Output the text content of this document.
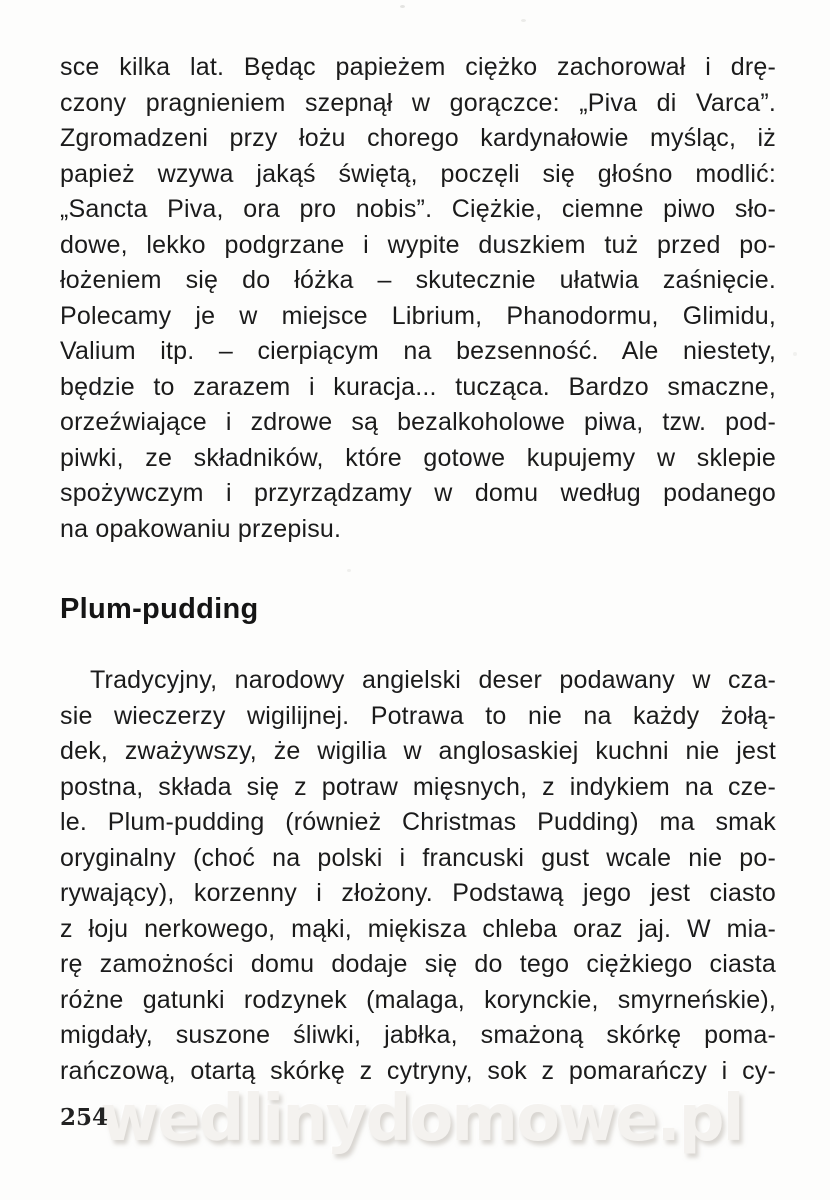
sce kilka lat. Będąc papieżem ciężko zachorował i drę-
czony pragnieniem szepnął w gorączce: „Piva di Varca”.
Zgromadzeni przy łożu chorego kardynałowie myśląc, iż
papież wzywa jakąś świętą, poczęli się głośno modlić:
„Sancta Piva, ora pro nobis”. Ciężkie, ciemne piwo sło-
dowe, lekko podgrzane i wypite duszkiem tuż przed po-
łożeniem się do łóżka – skutecznie ułatwia zaśnięcie.
Polecamy je w miejsce Librium, Phanodormu, Glimidu,
Valium itp. – cierpiącym na bezsenność. Ale niestety,
będzie to zarazem i kuracja... tucząca. Bardzo smaczne,
orzeźwiające i zdrowe są bezalkoholowe piwa, tzw. pod-
piwki, ze składników, które gotowe kupujemy w sklepie
spożywczym i przyrządzamy w domu według podanego
na opakowaniu przepisu.
Plum-pudding
Tradycyjny, narodowy angielski deser podawany w cza-
sie wieczerzy wigilijnej. Potrawa to nie na każdy żołą-
dek, zważywszy, że wigilia w anglosaskiej kuchni nie jest
postna, składa się z potraw mięsnych, z indykiem na cze-
le. Plum-pudding (również Christmas Pudding) ma smak
oryginalny (choć na polski i francuski gust wcale nie po-
rywający), korzenny i złożony. Podstawą jego jest ciasto
z łoju nerkowego, mąki, miękisza chleba oraz jaj. W mia-
rę zamożności domu dodaje się do tego ciężkiego ciasta
różne gatunki rodzynek (malaga, korynckie, smyrneńskie),
migdały, suszone śliwki, jabłka, smażoną skórkę poma-
rańczową, otartą skórkę z cytryny, sok z pomarańczy i cy-
wedlinydomowe.pl
254
